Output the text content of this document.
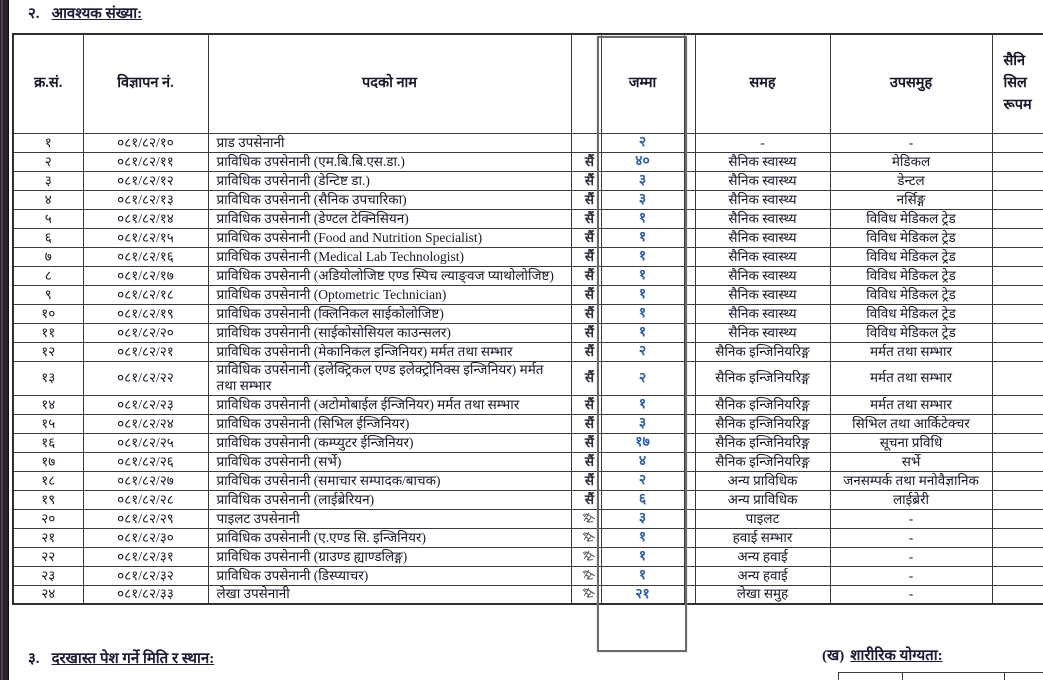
२. आवश्यक संख्या:
क्र.सं.	विज्ञापन नं.	पदको नाम		जम्मा		समह	उपसमुह	सैनि
सिल
रूपम

१	०८१/८२/१०	प्राड उपसेनानी		२		-	-	
२	०८१/८२/११	प्राविधिक उपसेनानी (एम.बि.बि.एस.डा.)	सैं	४०		सैनिक स्वास्थ्य	मेडिकल	
३	०८१/८२/१२	प्राविधिक उपसेनानी (डेन्टिष्ट डा.)	सैं	३		सैनिक स्वास्थ्य	डेन्टल	
४	०८१/८२/१३	प्राविधिक उपसेनानी (सैनिक उपचारिका)	सैं	३		सैनिक स्वास्थ्य	नर्सिङ्ग	
५	०८१/८२/१४	प्राविधिक उपसेनानी (डेण्टल टेक्निसियन)	सैं	१		सैनिक स्वास्थ्य	विविध मेडिकल ट्रेड	
६	०८१/८२/१५	प्राविधिक उपसेनानी (Food and Nutrition Specialist)	सैं	१		सैनिक स्वास्थ्य	विविध मेडिकल ट्रेड	
७	०८१/८२/१६	प्राविधिक उपसेनानी (Medical Lab Technologist)	सैं	१		सैनिक स्वास्थ्य	विविध मेडिकल ट्रेड	
८	०८१/८२/१७	प्राविधिक उपसेनानी (अडियोलोजिष्ट एण्ड स्पिच ल्याङ्वज प्याथोलोजिष्ट)	सैं	१		सैनिक स्वास्थ्य	विविध मेडिकल ट्रेड	
९	०८१/८२/१८	प्राविधिक उपसेनानी (Optometric Technician)	सैं	१		सैनिक स्वास्थ्य	विविध मेडिकल ट्रेड	
१०	०८१/८२/१९	प्राविधिक उपसेनानी (क्लिनिकल साईकोलोजिष्ट)	सैं	१		सैनिक स्वास्थ्य	विविध मेडिकल ट्रेड	
११	०८१/८२/२०	प्राविधिक उपसेनानी (साईकोसोसियल काउन्सलर)	सैं	१		सैनिक स्वास्थ्य	विविध मेडिकल ट्रेड	
१२	०८१/८२/२१	प्राविधिक उपसेनानी (मेकानिकल इन्जिनियर) मर्मत तथा सम्भार	सैं	२		सैनिक इन्जिनियरिङ्ग	मर्मत तथा सम्भार	
१३	०८१/८२/२२	प्राविधिक उपसेनानी (इलेक्ट्रिकल एण्ड इलेक्ट्रोनिक्स इन्जिनियर) मर्मत तथा सम्भार	सैं	२		सैनिक इन्जिनियरिङ्ग	मर्मत तथा सम्भार	
१४	०८१/८२/२३	प्राविधिक उपसेनानी (अटोमोबाईल ईन्जिनियर) मर्मत तथा सम्भार	सैं	१		सैनिक इन्जिनियरिङ्ग	मर्मत तथा सम्भार	
१५	०८१/८२/२४	प्राविधिक उपसेनानी (सिभिल ईन्जिनियर)	सैं	३		सैनिक इन्जिनियरिङ्ग	सिभिल तथा आर्किटेक्चर	
१६	०८१/८२/२५	प्राविधिक उपसेनानी (कम्प्युटर ईन्जिनियर)	सैं	१७		सैनिक इन्जिनियरिङ्ग	सूचना प्रविधि	
१७	०८१/८२/२६	प्राविधिक उपसेनानी (सर्भे)	सैं	४		सैनिक इन्जिनियरिङ्ग	सर्भे	
१८	०८१/८२/२७	प्राविधिक उपसेनानी (समाचार सम्पादक/बाचक)	सैं	२		अन्य प्राविधिक	जनसम्पर्क तथा मनोवैज्ञानिक	
१९	०८१/८२/२८	प्राविधिक उपसेनानी (लाईब्रेरियन)	सैं	६		अन्य प्राविधिक	लाईब्रेरी	
२०	०८१/८२/२९	पाइलट उपसेनानी	सै	३		पाइलट	-	
२१	०८१/८२/३०	प्राविधिक उपसेनानी (ए.एण्ड सि. इन्जिनियर)	सै	१		हवाई सम्भार	-	
२२	०८१/८२/३१	प्राविधिक उपसेनानी (ग्राउण्ड ह्याण्डलिङ्ग)	सै	१		अन्य हवाई	-	
२३	०८१/८२/३२	प्राविधिक उपसेनानी (डिस्प्याचर)	सै	१		अन्य हवाई	-	
२४	०८१/८२/३३	लेखा उपसेनानी	सै	२१		लेखा समुह	-	
३. दरखास्त पेश गर्ने मिति र स्थान:	(ख) शारीरिक योग्यता:
